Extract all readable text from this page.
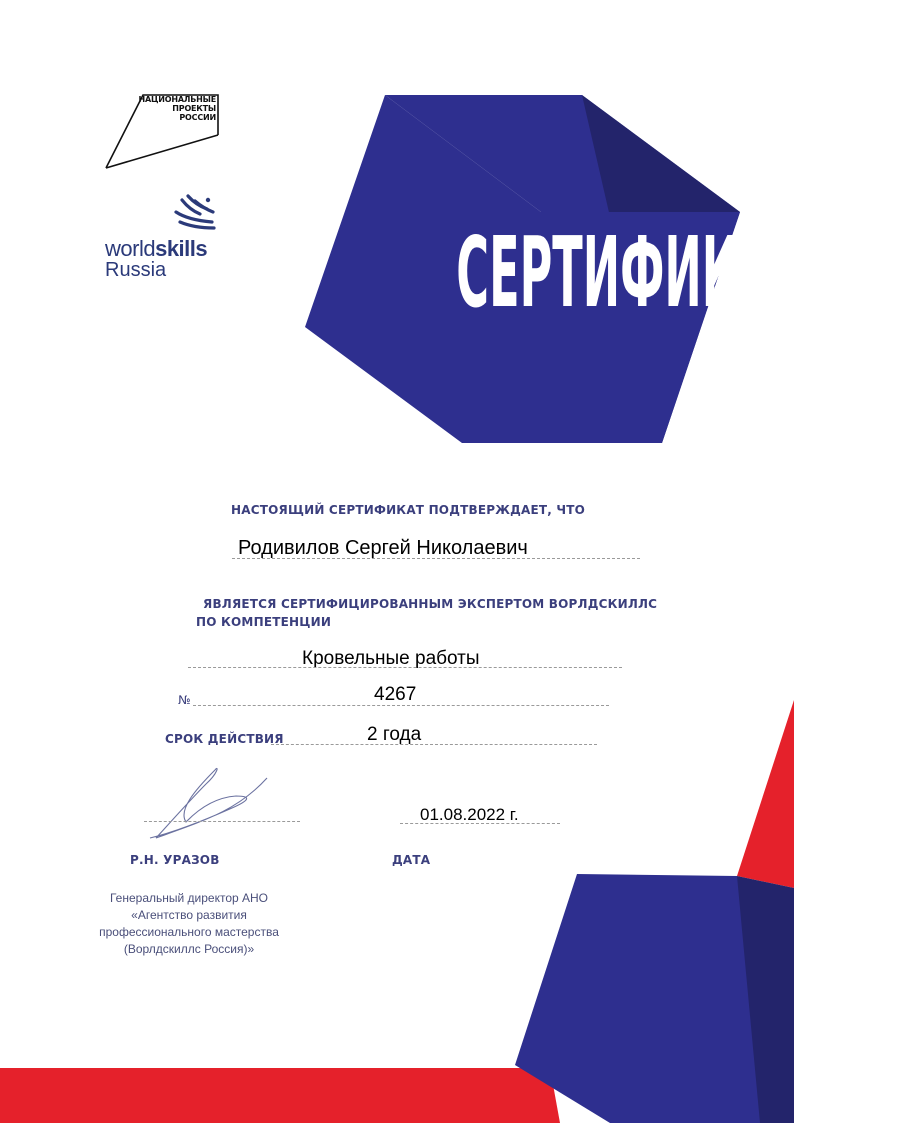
НАЦИОНАЛЬНЫЕ
ПРОЕКТЫ
РОССИИ
worldskills
Russia	СЕРТИФИКАТ
НАСТОЯЩИЙ СЕРТИФИКАТ ПОДТВЕРЖДАЕТ, ЧТО
Родивилов Сергей Николаевич
ЯВЛЯЕТСЯ СЕРТИФИЦИРОВАННЫМ ЭКСПЕРТОМ ВОРЛДСКИЛЛС
ПО КОМПЕТЕНЦИИ
Кровельные работы
№	4267
СРОК ДЕЙСТВИЯ	2 года
01.08.2022 г.
Р.Н. УРАЗОВ	ДАТА
Генеральный директор АНО
«Агентство развития
профессионального мастерства
(Ворлдскиллс Россия)»
